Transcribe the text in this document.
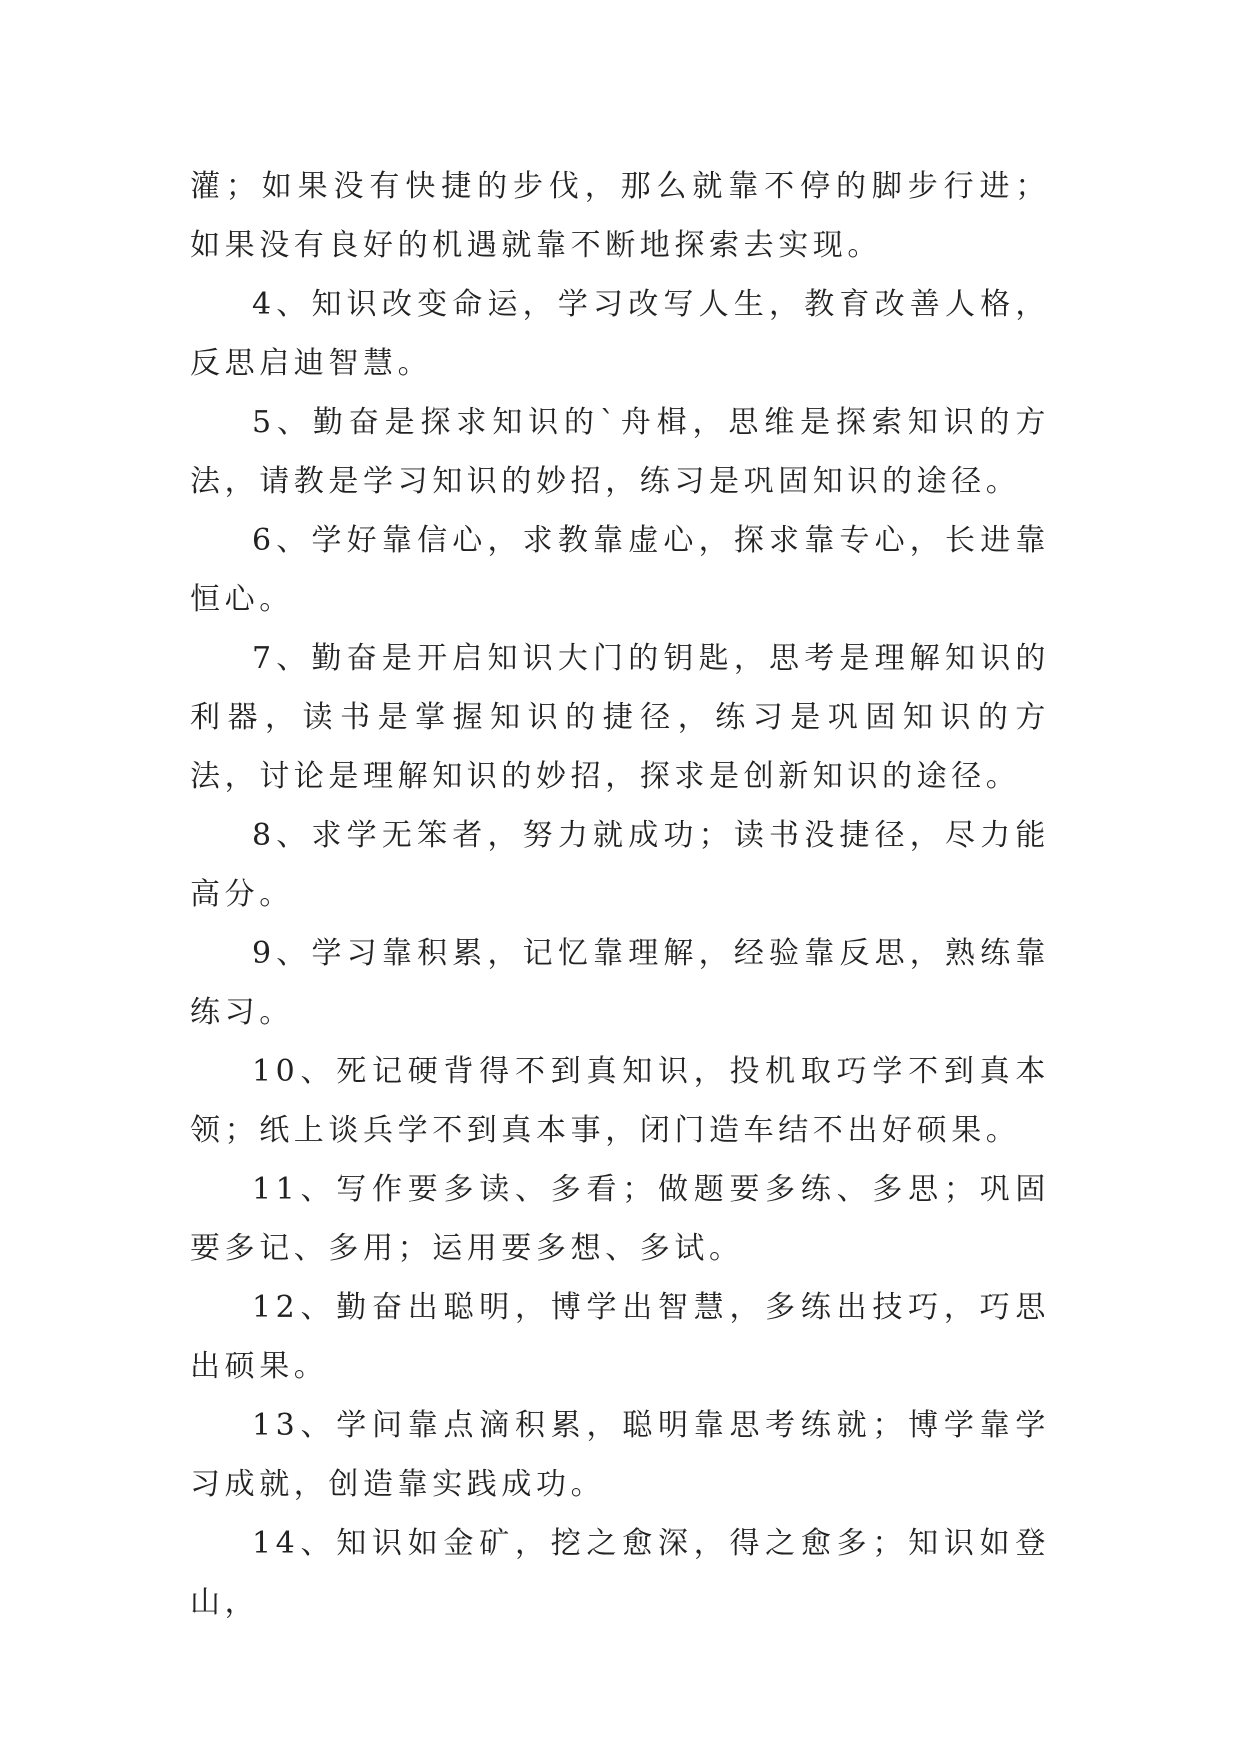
灌；如果没有快捷的步伐，那么就靠不停的脚步行进；如果没有良好的机遇就靠不断地探索去实现。

4、知识改变命运，学习改写人生，教育改善人格，反思启迪智慧。

5、勤奋是探求知识的`舟楫，思维是探索知识的方法，请教是学习知识的妙招，练习是巩固知识的途径。

6、学好靠信心，求教靠虚心，探求靠专心，长进靠恒心。

7、勤奋是开启知识大门的钥匙，思考是理解知识的利器，读书是掌握知识的捷径，练习是巩固知识的方法，讨论是理解知识的妙招，探求是创新知识的途径。

8、求学无笨者，努力就成功；读书没捷径，尽力能高分。

9、学习靠积累，记忆靠理解，经验靠反思，熟练靠练习。

10、死记硬背得不到真知识，投机取巧学不到真本领；纸上谈兵学不到真本事，闭门造车结不出好硕果。

11、写作要多读、多看；做题要多练、多思；巩固要多记、多用；运用要多想、多试。

12、勤奋出聪明，博学出智慧，多练出技巧，巧思出硕果。

13、学问靠点滴积累，聪明靠思考练就；博学靠学习成就，创造靠实践成功。

14、知识如金矿，挖之愈深，得之愈多；知识如登山，
